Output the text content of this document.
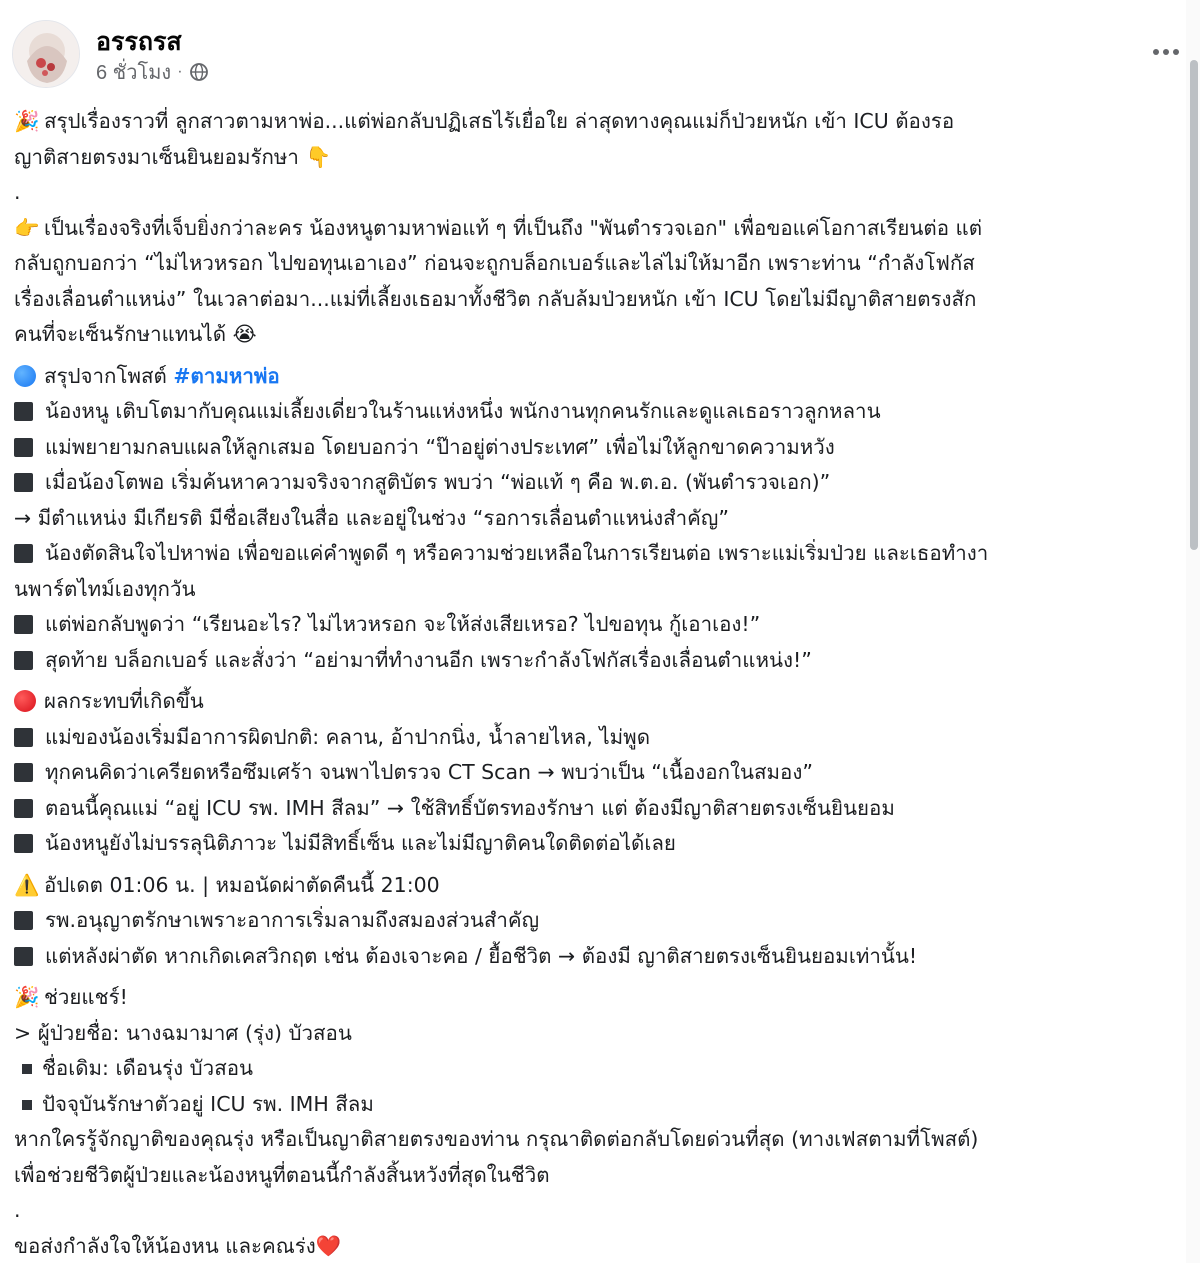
อรรถรส
6 ชั่วโมง ·
🎉 สรุปเรื่องราวที่ ลูกสาวตามหาพ่อ...แต่พ่อกลับปฏิเสธไร้เยื่อใย ล่าสุดทางคุณแม่ก็ป่วยหนัก เข้า ICU ต้องรอ
ญาติสายตรงมาเซ็นยินยอมรักษา 👇
.
👉 เป็นเรื่องจริงที่เจ็บยิ่งกว่าละคร น้องหนูตามหาพ่อแท้ ๆ ที่เป็นถึง "พันตำรวจเอก" เพื่อขอแค่โอกาสเรียนต่อ แต่
กลับถูกบอกว่า “ไม่ไหวหรอก ไปขอทุนเอาเอง” ก่อนจะถูกบล็อกเบอร์และไล่ไม่ให้มาอีก เพราะท่าน “กำลังโฟกัส
เรื่องเลื่อนตำแหน่ง” ในเวลาต่อมา...แม่ที่เลี้ยงเธอมาทั้งชีวิต กลับล้มป่วยหนัก เข้า ICU โดยไม่มีญาติสายตรงสัก
คนที่จะเซ็นรักษาแทนได้ 😭
สรุปจากโพสต์ #ตามหาพ่อ
น้องหนู เติบโตมากับคุณแม่เลี้ยงเดี่ยวในร้านแห่งหนึ่ง พนักงานทุกคนรักและดูแลเธอราวลูกหลาน
แม่พยายามกลบแผลให้ลูกเสมอ โดยบอกว่า “ป๊าอยู่ต่างประเทศ” เพื่อไม่ให้ลูกขาดความหวัง
เมื่อน้องโตพอ เริ่มค้นหาความจริงจากสูติบัตร พบว่า “พ่อแท้ ๆ คือ พ.ต.อ. (พันตำรวจเอก)”
→ มีตำแหน่ง มีเกียรติ มีชื่อเสียงในสื่อ และอยู่ในช่วง “รอการเลื่อนตำแหน่งสำคัญ”
น้องตัดสินใจไปหาพ่อ เพื่อขอแค่คำพูดดี ๆ หรือความช่วยเหลือในการเรียนต่อ เพราะแม่เริ่มป่วย และเธอทำงา
นพาร์ตไทม์เองทุกวัน
แต่พ่อกลับพูดว่า “เรียนอะไร? ไม่ไหวหรอก จะให้ส่งเสียเหรอ? ไปขอทุน กู้เอาเอง!”
สุดท้าย บล็อกเบอร์ และสั่งว่า “อย่ามาที่ทำงานอีก เพราะกำลังโฟกัสเรื่องเลื่อนตำแหน่ง!”
ผลกระทบที่เกิดขึ้น
แม่ของน้องเริ่มมีอาการผิดปกติ: คลาน, อ้าปากนิ่ง, น้ำลายไหล, ไม่พูด
ทุกคนคิดว่าเครียดหรือซึมเศร้า จนพาไปตรวจ CT Scan → พบว่าเป็น “เนื้องอกในสมอง”
ตอนนี้คุณแม่ “อยู่ ICU รพ. IMH สีลม” → ใช้สิทธิ์บัตรทองรักษา แต่ ต้องมีญาติสายตรงเซ็นยินยอม
น้องหนูยังไม่บรรลุนิติภาวะ ไม่มีสิทธิ์เซ็น และไม่มีญาติคนใดติดต่อได้เลย
⚠️ อัปเดต 01:06 น. | หมอนัดผ่าตัดคืนนี้ 21:00
รพ.อนุญาตรักษาเพราะอาการเริ่มลามถึงสมองส่วนสำคัญ
แต่หลังผ่าตัด หากเกิดเคสวิกฤต เช่น ต้องเจาะคอ / ยื้อชีวิต → ต้องมี ญาติสายตรงเซ็นยินยอมเท่านั้น!
🎉 ช่วยแชร์!
> ผู้ป่วยชื่อ: นางฉมามาศ (รุ่ง) บัวสอน
ชื่อเดิม: เดือนรุ่ง บัวสอน
ปัจจุบันรักษาตัวอยู่ ICU รพ. IMH สีลม
หากใครรู้จักญาติของคุณรุ่ง หรือเป็นญาติสายตรงของท่าน กรุณาติดต่อกลับโดยด่วนที่สุด (ทางเฟสตามที่โพสต์)
เพื่อช่วยชีวิตผู้ป่วยและน้องหนูที่ตอนนี้กำลังสิ้นหวังที่สุดในชีวิต
.
ขอส่งกำลังใจให้น้องหน และคณร่ง❤️
